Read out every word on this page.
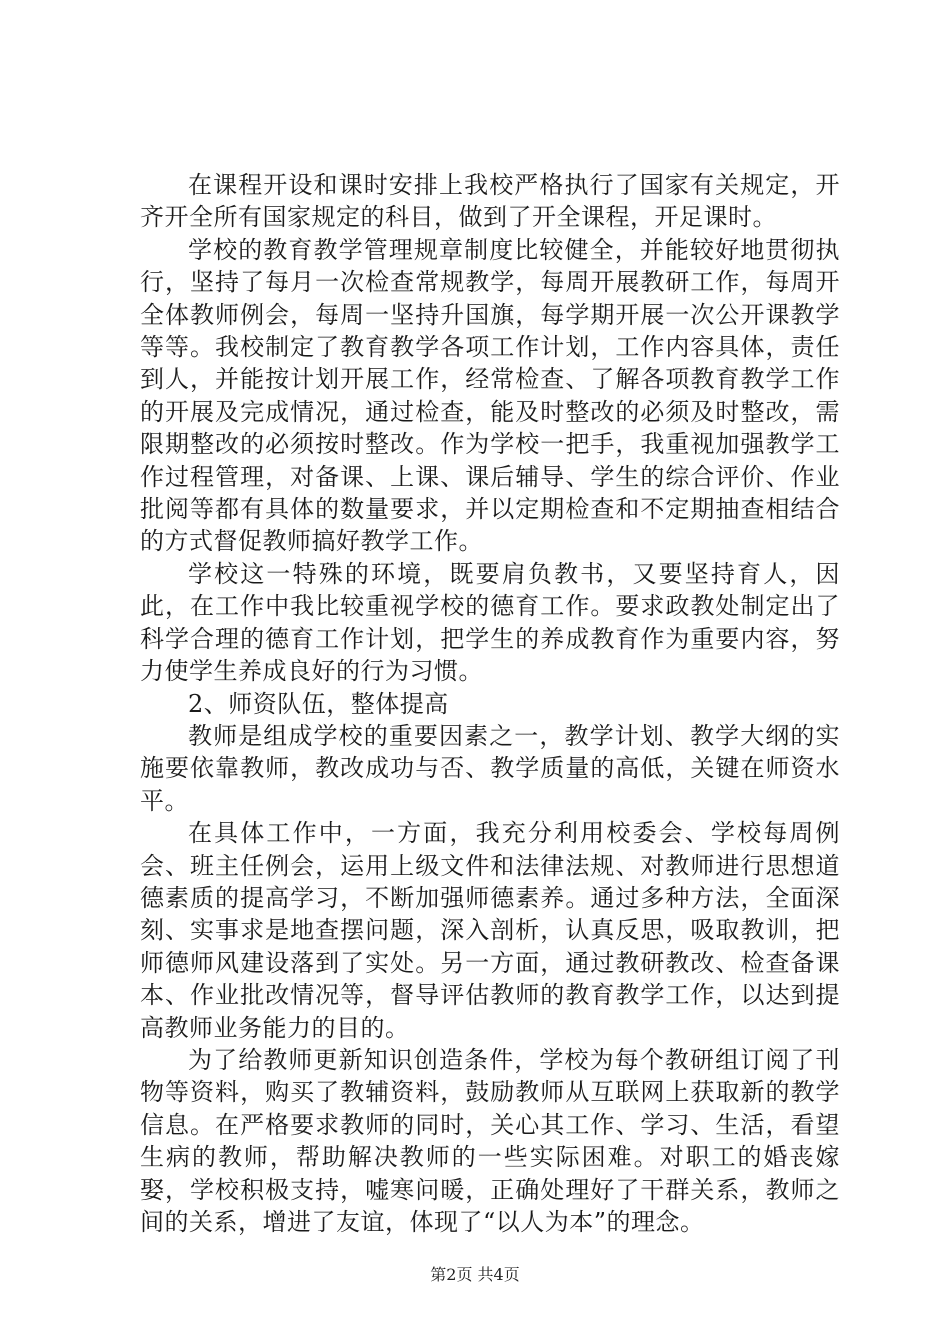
在课程开设和课时安排上我校严格执行了国家有关规定，开齐开全所有国家规定的科目，做到了开全课程，开足课时。

学校的教育教学管理规章制度比较健全，并能较好地贯彻执行，坚持了每月一次检查常规教学，每周开展教研工作，每周开全体教师例会，每周一坚持升国旗，每学期开展一次公开课教学等等。我校制定了教育教学各项工作计划，工作内容具体，责任到人，并能按计划开展工作，经常检查、了解各项教育教学工作的开展及完成情况，通过检查，能及时整改的必须及时整改，需限期整改的必须按时整改。作为学校一把手，我重视加强教学工作过程管理，对备课、上课、课后辅导、学生的综合评价、作业批阅等都有具体的数量要求，并以定期检查和不定期抽查相结合的方式督促教师搞好教学工作。

学校这一特殊的环境，既要肩负教书，又要坚持育人，因此，在工作中我比较重视学校的德育工作。要求政教处制定出了科学合理的德育工作计划，把学生的养成教育作为重要内容，努力使学生养成良好的行为习惯。

2、师资队伍，整体提高

教师是组成学校的重要因素之一，教学计划、教学大纲的实施要依靠教师，教改成功与否、教学质量的高低，关键在师资水平。

在具体工作中，一方面，我充分利用校委会、学校每周例会、班主任例会，运用上级文件和法律法规、对教师进行思想道德素质的提高学习，不断加强师德素养。通过多种方法，全面深刻、实事求是地查摆问题，深入剖析，认真反思，吸取教训，把师德师风建设落到了实处。另一方面，通过教研教改、检查备课本、作业批改情况等，督导评估教师的教育教学工作，以达到提高教师业务能力的目的。

为了给教师更新知识创造条件，学校为每个教研组订阅了刊物等资料，购买了教辅资料，鼓励教师从互联网上获取新的教学信息。在严格要求教师的同时，关心其工作、学习、生活，看望生病的教师，帮助解决教师的一些实际困难。对职工的婚丧嫁娶，学校积极支持，嘘寒问暖，正确处理好了干群关系，教师之间的关系，增进了友谊，体现了“以人为本”的理念。

第2页 共4页
